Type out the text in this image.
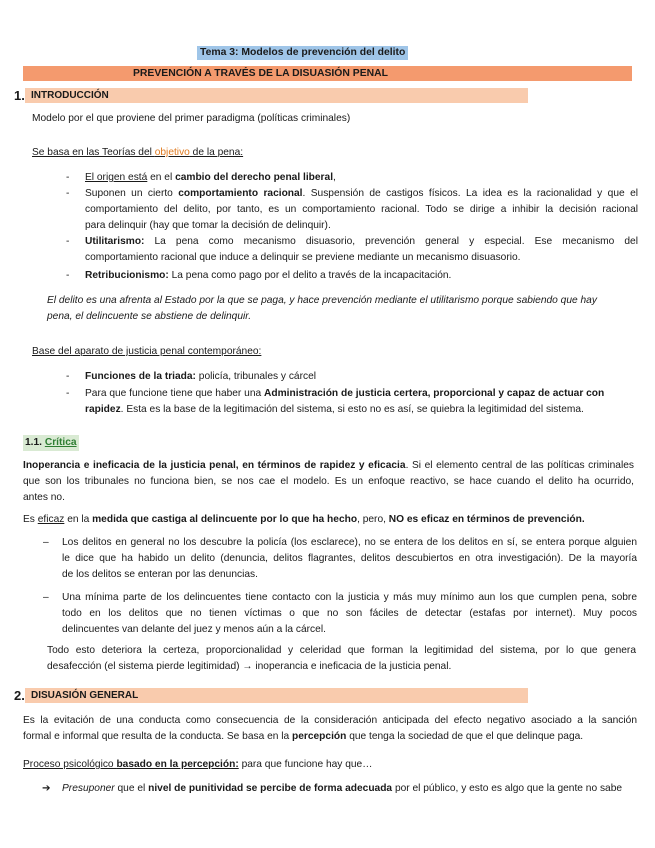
Tema 3: Modelos de prevención del delito
PREVENCIÓN A TRAVÉS DE LA DISUASIÓN PENAL
1. INTRODUCCIÓN
Modelo por el que proviene del primer paradigma (políticas criminales)
Se basa en las Teorías del objetivo de la pena:
- El origen está en el cambio del derecho penal liberal,
- Suponen un cierto comportamiento racional. Suspensión de castigos físicos. La idea es la racionalidad y que el
comportamiento del delito, por tanto, es un comportamiento racional. Todo se dirige a inhibir la decisión racional
para delinquir (hay que tomar la decisión de delinquir).
- Utilitarismo: La pena como mecanismo disuasorio, prevención general y especial. Ese mecanismo del
comportamiento racional que induce a delinquir se previene mediante un mecanismo disuasorio.
- Retribucionismo: La pena como pago por el delito a través de la incapacitación.
El delito es una afrenta al Estado por la que se paga, y hace prevención mediante el utilitarismo porque sabiendo que hay
pena, el delincuente se abstiene de delinquir.
Base del aparato de justicia penal contemporáneo:
- Funciones de la triada: policía, tribunales y cárcel
- Para que funcione tiene que haber una Administración de justicia certera, proporcional y capaz de actuar con
rapidez. Esta es la base de la legitimación del sistema, si esto no es así, se quiebra la legitimidad del sistema.
1.1. Crítica
Inoperancia e ineficacia de la justicia penal, en términos de rapidez y eficacia. Si el elemento central de las políticas criminales
que son los tribunales no funciona bien, se nos cae el modelo. Es un enfoque reactivo, se hace cuando el delito ha ocurrido,
antes no.
Es eficaz en la medida que castiga al delincuente por lo que ha hecho, pero, NO es eficaz en términos de prevención.
– Los delitos en general no los descubre la policía (los esclarece), no se entera de los delitos en sí, se entera porque alguien
le dice que ha habido un delito (denuncia, delitos flagrantes, delitos descubiertos en otra investigación). De la mayoría
de los delitos se enteran por las denuncias.
– Una mínima parte de los delincuentes tiene contacto con la justicia y más muy mínimo aun los que cumplen pena, sobre
todo en los delitos que no tienen víctimas o que no son fáciles de detectar (estafas por internet). Muy pocos
delincuentes van delante del juez y menos aún a la cárcel.
Todo esto deteriora la certeza, proporcionalidad y celeridad que forman la legitimidad del sistema, por lo que genera
desafección (el sistema pierde legitimidad) → inoperancia e ineficacia de la justicia penal.
2. DISUASIÓN GENERAL
Es la evitación de una conducta como consecuencia de la consideración anticipada del efecto negativo asociado a la sanción
formal e informal que resulta de la conducta. Se basa en la percepción que tenga la sociedad de que el que delinque paga.
Proceso psicológico basado en la percepción: para que funcione hay que…
➔ Presuponer que el nivel de punitividad se percibe de forma adecuada por el público, y esto es algo que la gente no sabe
